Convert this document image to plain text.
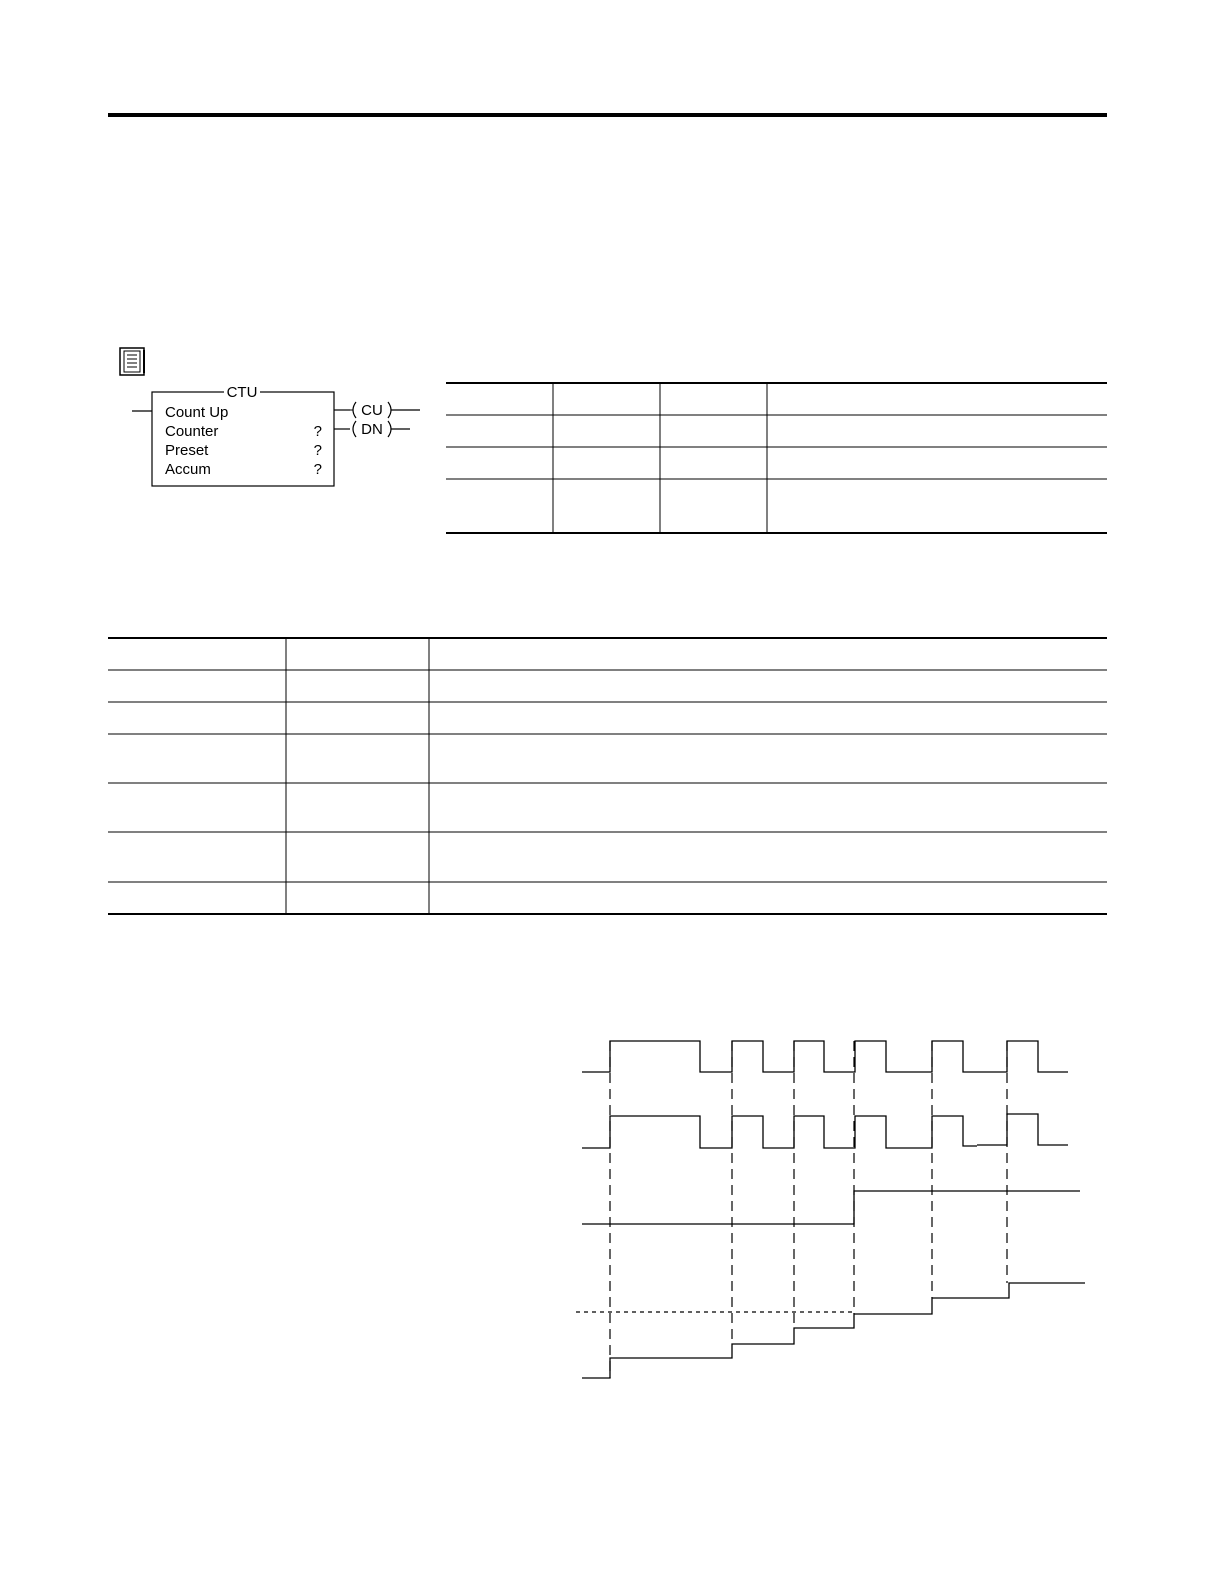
CTU
Count Up
Counter	?
Preset	?
Accum	?
CU
DN
